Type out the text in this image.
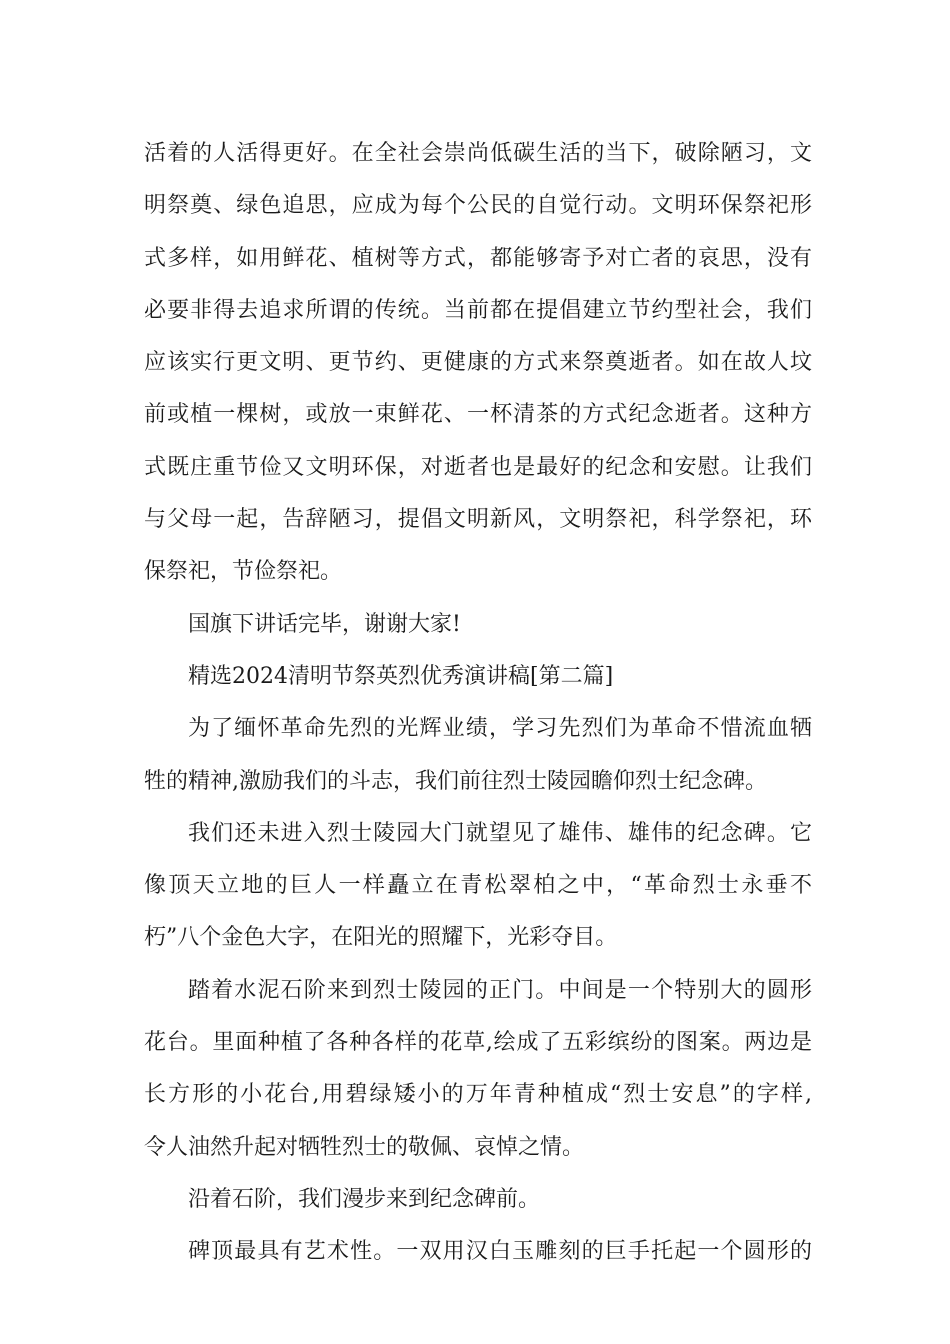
活着的人活得更好。在全社会崇尚低碳生活的当下，破除陋习，文
明祭奠、绿色追思，应成为每个公民的自觉行动。文明环保祭祀形
式多样，如用鲜花、植树等方式，都能够寄予对亡者的哀思，没有
必要非得去追求所谓的传统。当前都在提倡建立节约型社会，我们
应该实行更文明、更节约、更健康的方式来祭奠逝者。如在故人坟
前或植一棵树，或放一束鲜花、一杯清茶的方式纪念逝者。这种方
式既庄重节俭又文明环保，对逝者也是最好的纪念和安慰。让我们
与父母一起，告辞陋习，提倡文明新风，文明祭祀，科学祭祀，环
保祭祀，节俭祭祀。
国旗下讲话完毕，谢谢大家!
精选2024清明节祭英烈优秀演讲稿[第二篇]
为了缅怀革命先烈的光辉业绩，学习先烈们为革命不惜流血牺
牲的精神,激励我们的斗志，我们前往烈士陵园瞻仰烈士纪念碑。
我们还未进入烈士陵园大门就望见了雄伟、雄伟的纪念碑。它
像顶天立地的巨人一样矗立在青松翠柏之中，“革命烈士永垂不
朽”八个金色大字，在阳光的照耀下，光彩夺目。
踏着水泥石阶来到烈士陵园的正门。中间是一个特别大的圆形
花台。里面种植了各种各样的花草,绘成了五彩缤纷的图案。两边是
长方形的小花台,用碧绿矮小的万年青种植成“烈士安息”的字样,
令人油然升起对牺牲烈士的敬佩、哀悼之情。
沿着石阶，我们漫步来到纪念碑前。
碑顶最具有艺术性。一双用汉白玉雕刻的巨手托起一个圆形的
